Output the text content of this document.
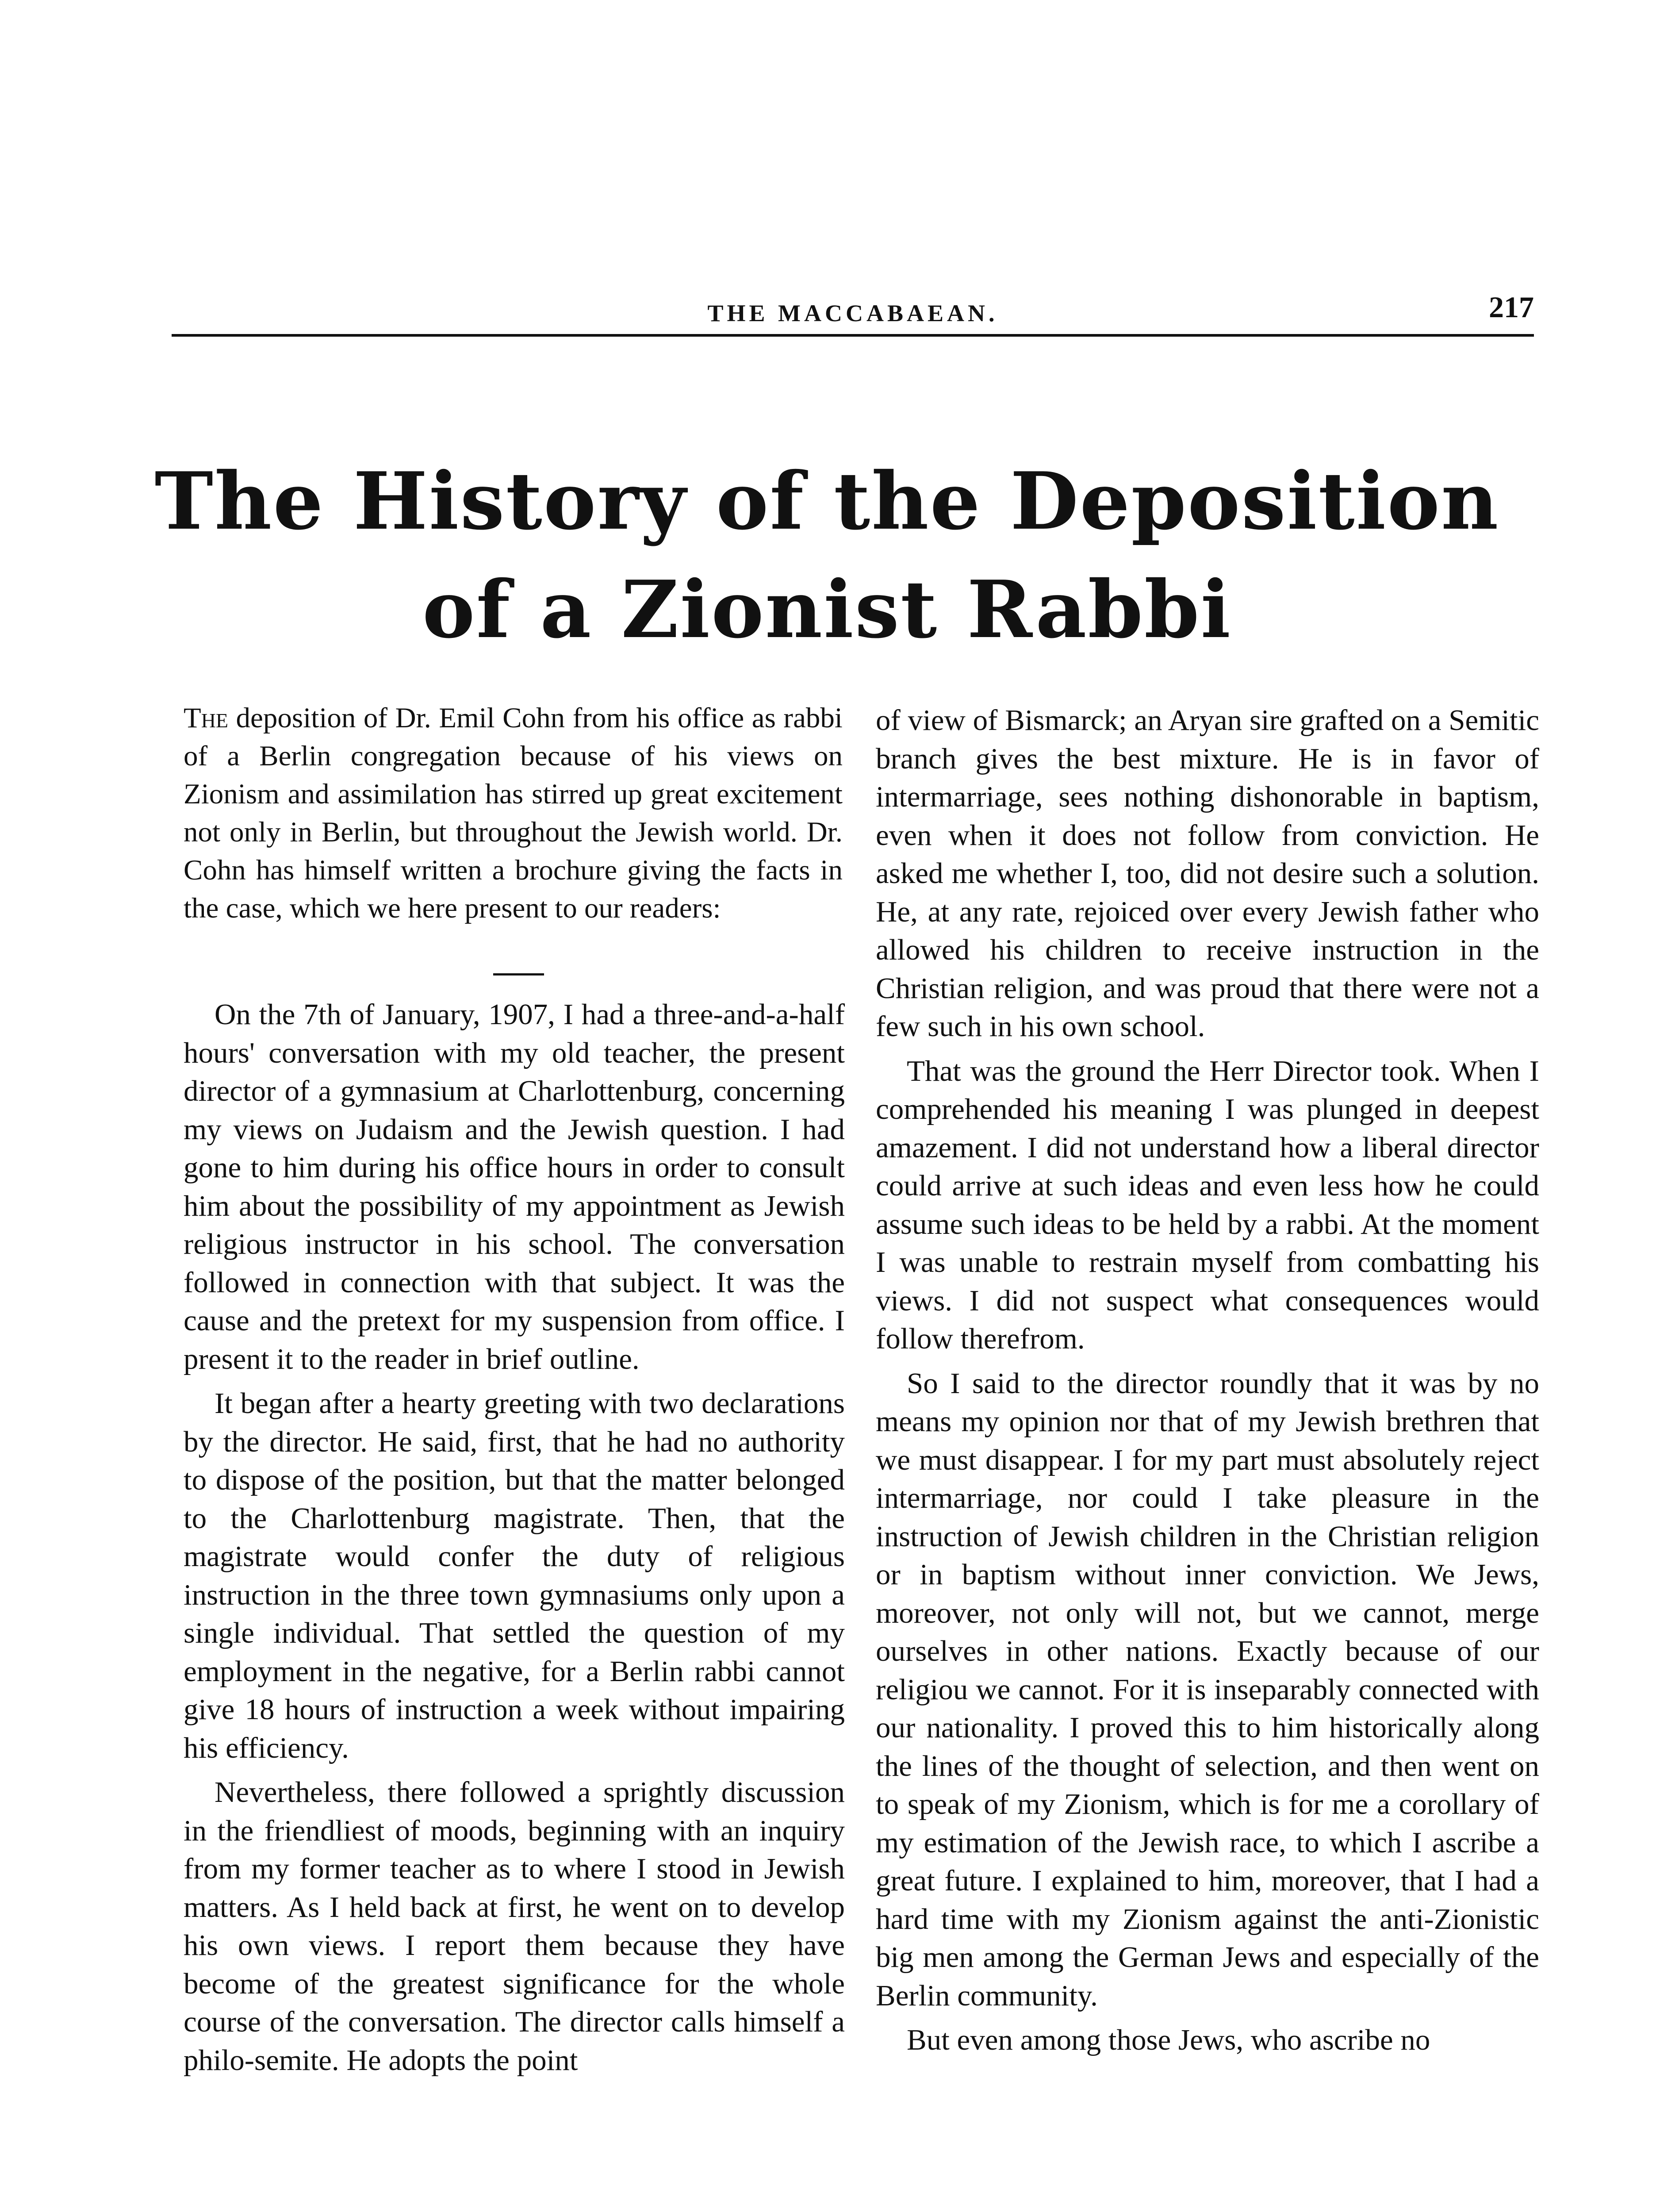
THE MACCABAEAN.	217
The History of the Deposition of a Zionist Rabbi

The deposition of Dr. Emil Cohn from his office as rabbi of a Berlin congregation because of his views on Zionism and assimilation has stirred up great excitement not only in Berlin, but throughout the Jewish world. Dr. Cohn has himself written a brochure giving the facts in the case, which we here present to our readers:

On the 7th of January, 1907, I had a three-and-a-half hours' conversation with my old teacher, the present director of a gymnasium at Charlottenburg, concerning my views on Judaism and the Jewish question. I had gone to him during his office hours in order to consult him about the possibility of my appointment as Jewish religious instructor in his school. The conversation followed in connection with that subject. It was the cause and the pretext for my suspension from office. I present it to the reader in brief outline.

It began after a hearty greeting with two declarations by the director. He said, first, that he had no authority to dispose of the position, but that the matter belonged to the Charlottenburg magistrate. Then, that the magistrate would confer the duty of religious instruction in the three town gymnasiums only upon a single individual. That settled the question of my employment in the negative, for a Berlin rabbi cannot give 18 hours of instruction a week without impairing his efficiency.

Nevertheless, there followed a sprightly discussion in the friendliest of moods, beginning with an inquiry from my former teacher as to where I stood in Jewish matters. As I held back at first, he went on to develop his own views. I report them because they have become of the greatest significance for the whole course of the conversation. The director calls himself a philo-semite. He adopts the point

of view of Bismarck; an Aryan sire grafted on a Semitic branch gives the best mixture. He is in favor of intermarriage, sees nothing dishonorable in baptism, even when it does not follow from conviction. He asked me whether I, too, did not desire such a solution. He, at any rate, rejoiced over every Jewish father who allowed his children to receive instruction in the Christian religion, and was proud that there were not a few such in his own school.

That was the ground the Herr Director took. When I comprehended his meaning I was plunged in deepest amazement. I did not understand how a liberal director could arrive at such ideas and even less how he could assume such ideas to be held by a rabbi. At the moment I was unable to restrain myself from combatting his views. I did not suspect what consequences would follow therefrom.

So I said to the director roundly that it was by no means my opinion nor that of my Jewish brethren that we must disappear. I for my part must absolutely reject intermarriage, nor could I take pleasure in the instruction of Jewish children in the Christian religion or in baptism without inner conviction. We Jews, moreover, not only will not, but we cannot, merge ourselves in other nations. Exactly because of our religiou we cannot. For it is inseparably connected with our nationality. I proved this to him historically along the lines of the thought of selection, and then went on to speak of my Zionism, which is for me a corollary of my estimation of the Jewish race, to which I ascribe a great future. I explained to him, moreover, that I had a hard time with my Zionism against the anti-Zionistic big men among the German Jews and especially of the Berlin community.

But even among those Jews, who ascribe no
